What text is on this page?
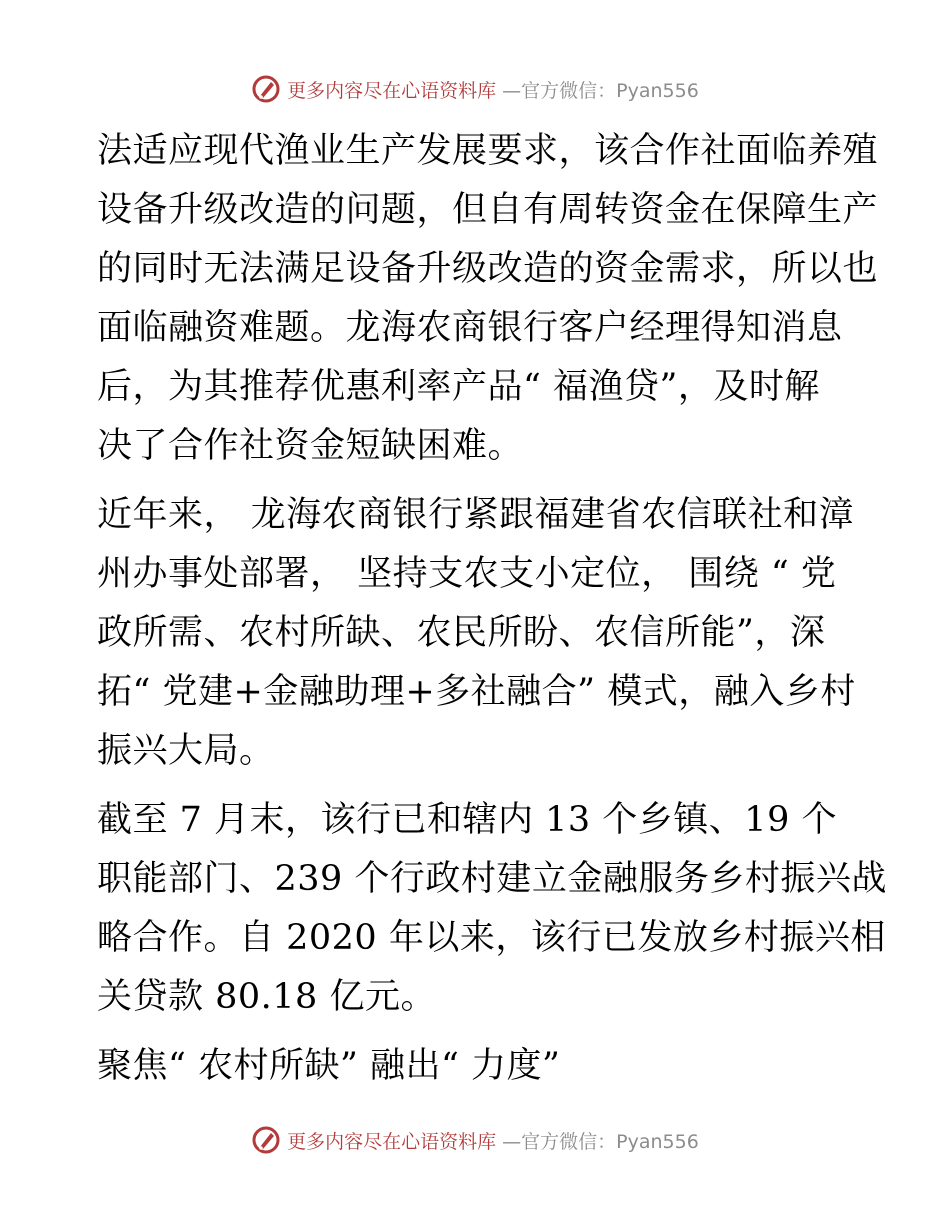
更多内容尽在心语资料库 —官方微信：Pyan556

法适应现代渔业生产发展要求，该合作社面临养殖
设备升级改造的问题，但自有周转资金在保障生产
的同时无法满足设备升级改造的资金需求，所以也
面临融资难题。龙海农商银行客户经理得知消息
后，为其推荐优惠利率产品“ 福渔贷”，及时解
决了合作社资金短缺困难。

近年来， 龙海农商银行紧跟福建省农信联社和漳
州办事处部署， 坚持支农支小定位， 围绕 “ 党
政所需、农村所缺、农民所盼、农信所能”，深
拓“ 党建+金融助理+多社融合” 模式，融入乡村
振兴大局。

截至 7 月末，该行已和辖内 13 个乡镇、19 个
职能部门、239 个行政村建立金融服务乡村振兴战
略合作。自 2020 年以来，该行已发放乡村振兴相
关贷款 80.18 亿元。

聚焦“ 农村所缺” 融出“ 力度”

更多内容尽在心语资料库 —官方微信：Pyan556
